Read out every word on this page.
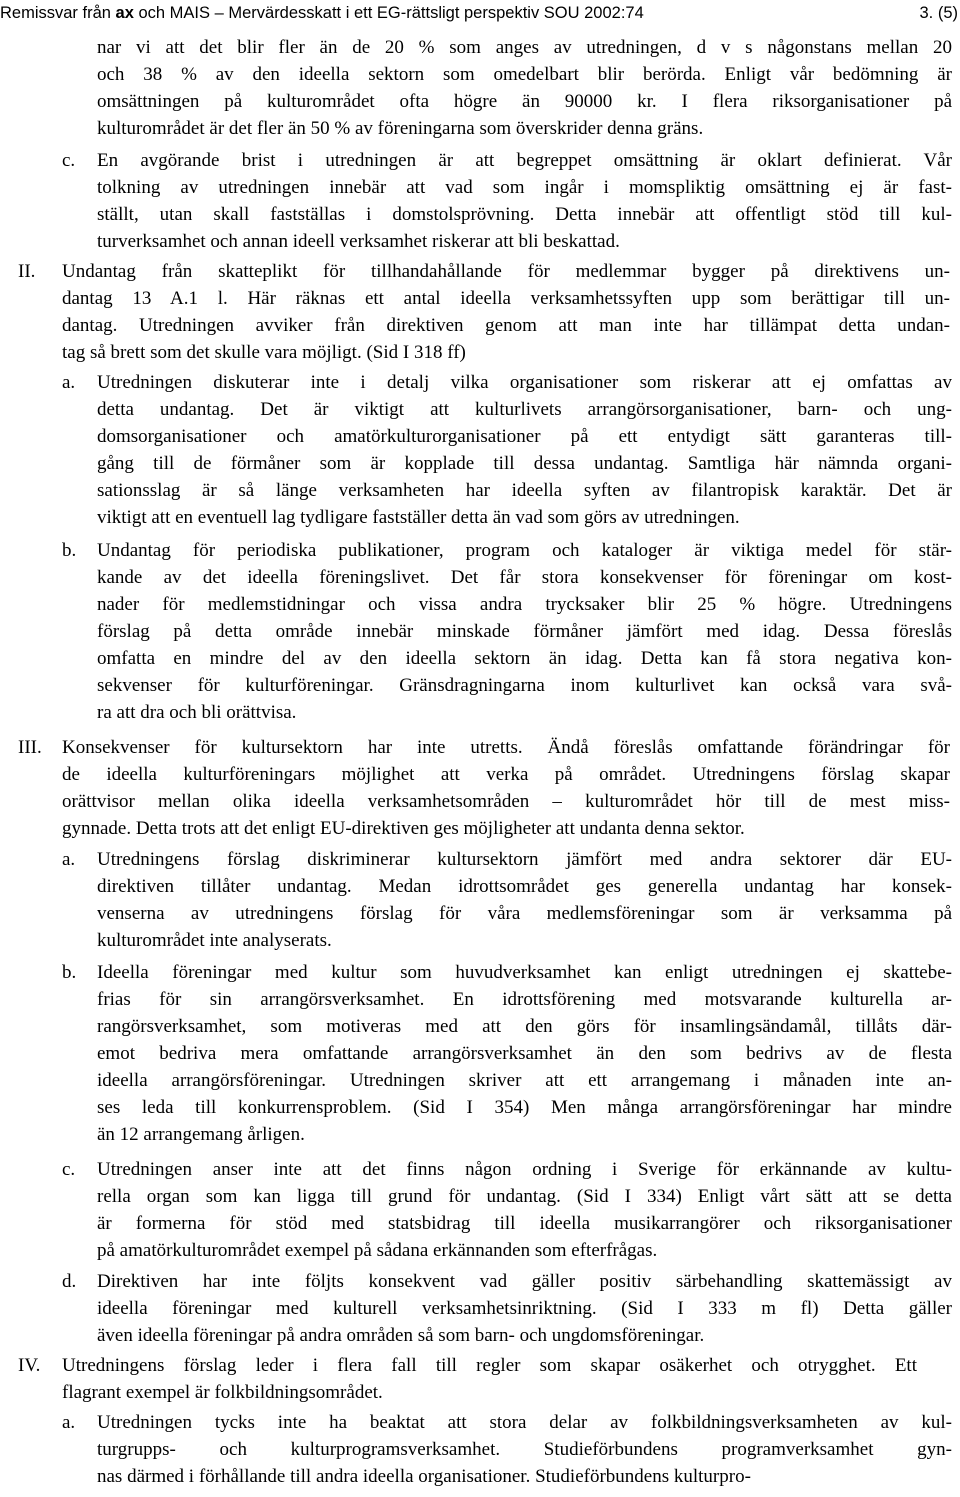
Remissvar från ax och MAIS – Mervärdesskatt i ett EG-rättsligt perspektiv SOU 2002:74	3. (5)
nar vi att det blir fler än de 20 % som anges av utredningen, d v s någonstans mellan 20
och 38 % av den ideella sektorn som omedelbart blir berörda. Enligt vår bedömning är
omsättningen på kulturområdet ofta högre än 90000 kr. I flera riksorganisationer på
kulturområdet är det fler än 50 % av föreningarna som överskrider denna gräns.
c. En avgörande brist i utredningen är att begreppet omsättning är oklart definierat. Vår
tolkning av utredningen innebär att vad som ingår i momspliktig omsättning ej är fast-
ställt, utan skall fastställas i domstolsprövning. Detta innebär att offentligt stöd till kul-
turverksamhet och annan ideell verksamhet riskerar att bli beskattad.
II. Undantag från skatteplikt för tillhandahållande för medlemmar bygger på direktivens un-
dantag 13 A.1 l. Här räknas ett antal ideella verksamhetssyften upp som berättigar till un-
dantag. Utredningen avviker från direktiven genom att man inte har tillämpat detta undan-
tag så brett som det skulle vara möjligt. (Sid I 318 ff)
a. Utredningen diskuterar inte i detalj vilka organisationer som riskerar att ej omfattas av
detta undantag. Det är viktigt att kulturlivets arrangörsorganisationer, barn- och ung-
domsorganisationer och amatörkulturorganisationer på ett entydigt sätt garanteras till-
gång till de förmåner som är kopplade till dessa undantag. Samtliga här nämnda organi-
sationsslag är så länge verksamheten har ideella syften av filantropisk karaktär. Det är
viktigt att en eventuell lag tydligare fastställer detta än vad som görs av utredningen.
b. Undantag för periodiska publikationer, program och kataloger är viktiga medel för stär-
kande av det ideella föreningslivet. Det får stora konsekvenser för föreningar om kost-
nader för medlemstidningar och vissa andra trycksaker blir 25 % högre. Utredningens
förslag på detta område innebär minskade förmåner jämfört med idag. Dessa föreslås
omfatta en mindre del av den ideella sektorn än idag. Detta kan få stora negativa kon-
sekvenser för kulturföreningar. Gränsdragningarna inom kulturlivet kan också vara svå-
ra att dra och bli orättvisa.
III. Konsekvenser för kultursektorn har inte utretts. Ändå föreslås omfattande förändringar för
de ideella kulturföreningars möjlighet att verka på området. Utredningens förslag skapar
orättvisor mellan olika ideella verksamhetsområden – kulturområdet hör till de mest miss-
gynnade. Detta trots att det enligt EU-direktiven ges möjligheter att undanta denna sektor.
a. Utredningens förslag diskriminerar kultursektorn jämfört med andra sektorer där EU-
direktiven tillåter undantag. Medan idrottsområdet ges generella undantag har konsek-
venserna av utredningens förslag för våra medlemsföreningar som är verksamma på
kulturområdet inte analyserats.
b. Ideella föreningar med kultur som huvudverksamhet kan enligt utredningen ej skattebe-
frias för sin arrangörsverksamhet. En idrottsförening med motsvarande kulturella ar-
rangörsverksamhet, som motiveras med att den görs för insamlingsändamål, tillåts där-
emot bedriva mera omfattande arrangörsverksamhet än den som bedrivs av de flesta
ideella arrangörsföreningar. Utredningen skriver att ett arrangemang i månaden inte an-
ses leda till konkurrensproblem. (Sid I 354) Men många arrangörsföreningar har mindre
än 12 arrangemang årligen.
c. Utredningen anser inte att det finns någon ordning i Sverige för erkännande av kultu-
rella organ som kan ligga till grund för undantag. (Sid I 334) Enligt vårt sätt att se detta
är formerna för stöd med statsbidrag till ideella musikarrangörer och riksorganisationer
på amatörkulturområdet exempel på sådana erkännanden som efterfrågas.
d. Direktiven har inte följts konsekvent vad gäller positiv särbehandling skattemässigt av
ideella föreningar med kulturell verksamhetsinriktning. (Sid I 333 m fl) Detta gäller
även ideella föreningar på andra områden så som barn- och ungdomsföreningar.
IV. Utredningens förslag leder i flera fall till regler som skapar osäkerhet och otrygghet. Ett
flagrant exempel är folkbildningsområdet.
a. Utredningen tycks inte ha beaktat att stora delar av folkbildningsverksamheten av kul-
turgrupps- och kulturprogramsverksamhet. Studieförbundens programverksamhet gyn-
nas därmed i förhållande till andra ideella organisationer. Studieförbundens kulturpro-
